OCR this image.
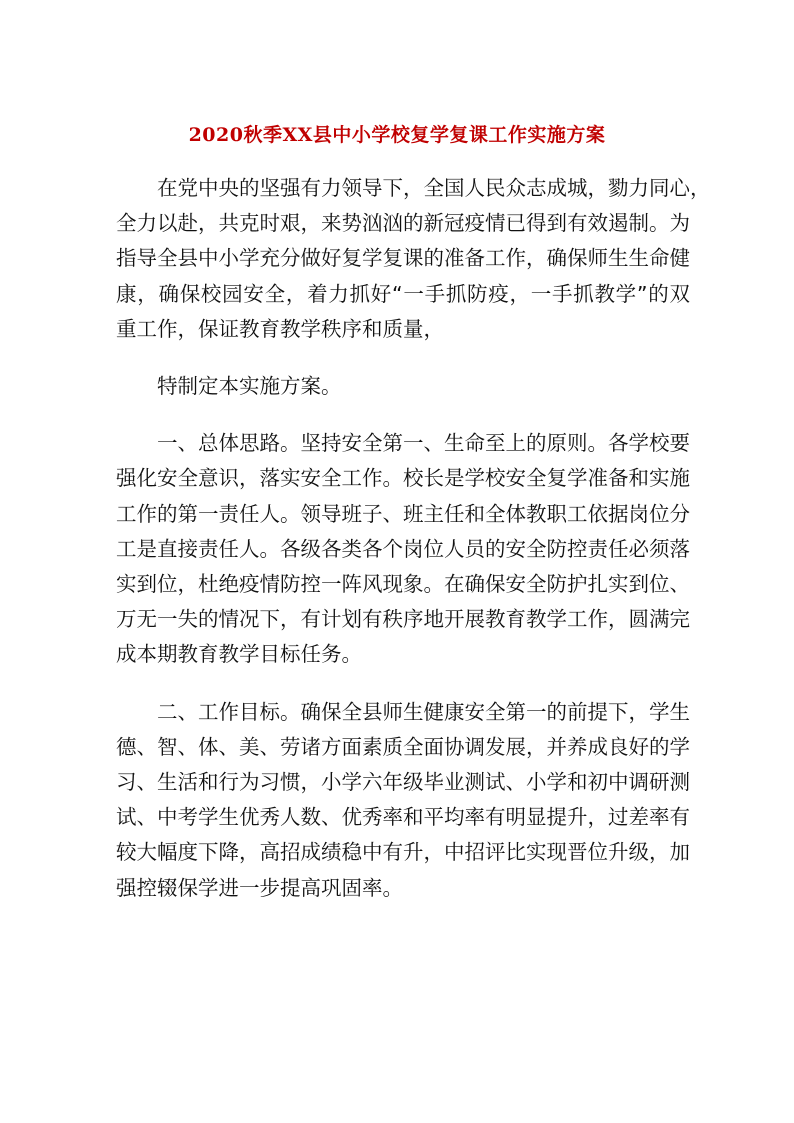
2020秋季XX县中小学校复学复课工作实施方案

在党中央的坚强有力领导下，全国人民众志成城，勠力同心，
全力以赴，共克时艰，来势汹汹的新冠疫情已得到有效遏制。为
指导全县中小学充分做好复学复课的准备工作，确保师生生命健
康，确保校园安全，着力抓好“一手抓防疫，一手抓教学”的双
重工作，保证教育教学秩序和质量，

特制定本实施方案。

一、总体思路。坚持安全第一、生命至上的原则。各学校要
强化安全意识，落实安全工作。校长是学校安全复学准备和实施
工作的第一责任人。领导班子、班主任和全体教职工依据岗位分
工是直接责任人。各级各类各个岗位人员的安全防控责任必须落
实到位，杜绝疫情防控一阵风现象。在确保安全防护扎实到位、
万无一失的情况下，有计划有秩序地开展教育教学工作，圆满完
成本期教育教学目标任务。

二、工作目标。确保全县师生健康安全第一的前提下，学生
德、智、体、美、劳诸方面素质全面协调发展，并养成良好的学
习、生活和行为习惯，小学六年级毕业测试、小学和初中调研测
试、中考学生优秀人数、优秀率和平均率有明显提升，过差率有
较大幅度下降，高招成绩稳中有升，中招评比实现晋位升级，加
强控辍保学进一步提高巩固率。
